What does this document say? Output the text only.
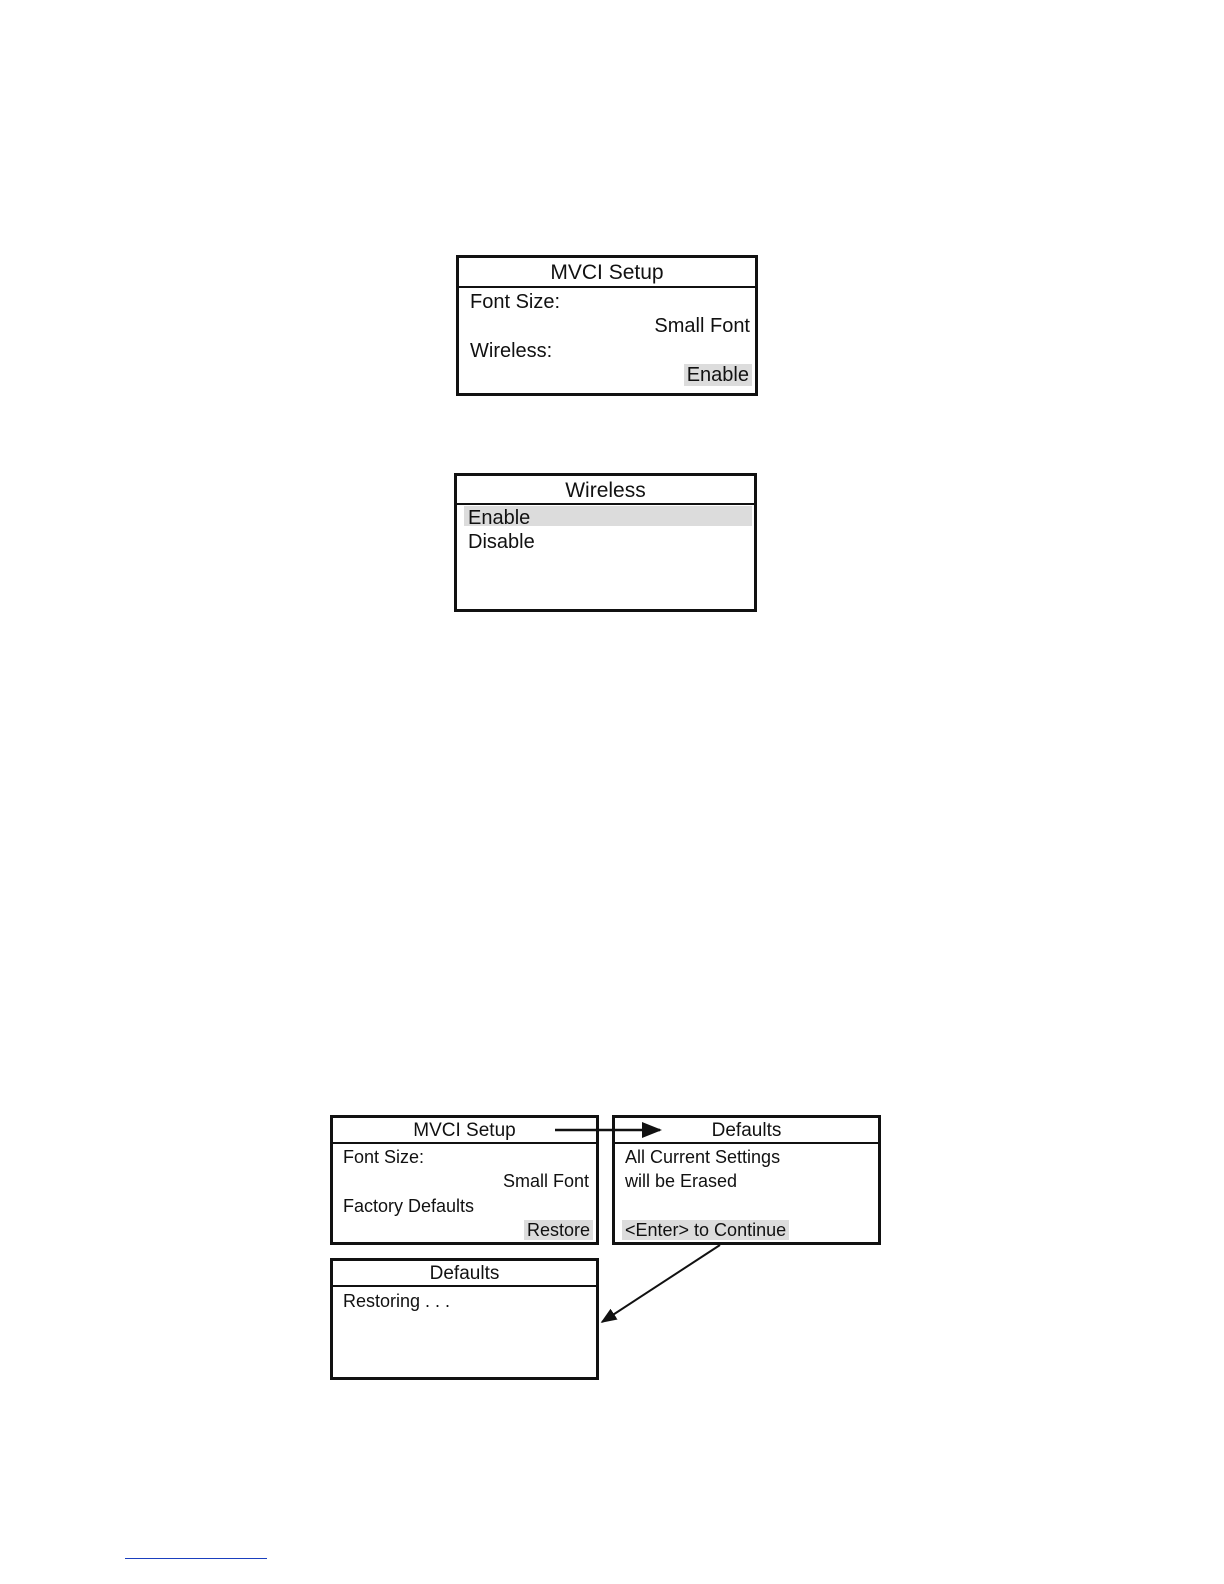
MVCI Setup
Font Size:
Small Font
Wireless:
Enable
Wireless
Enable
Disable
MVCI Setup
Font Size:
Small Font
Factory Defaults
Restore
Defaults
All Current Settings
will be Erased
<Enter> to Continue
Defaults
Restoring . . .
